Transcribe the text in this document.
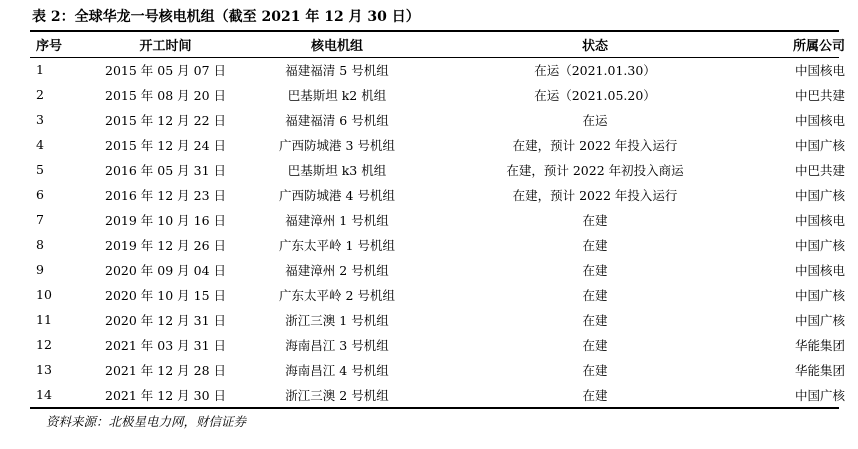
表 2：全球华龙一号核电机组（截至 2021 年 12 月 30 日）
序号	开工时间	核电机组	状态	所属公司
1	2015 年 05 月 07 日	福建福清 5 号机组	在运（2021.01.30）	中国核电
2	2015 年 08 月 20 日	巴基斯坦 k2 机组	在运（2021.05.20）	中巴共建
3	2015 年 12 月 22 日	福建福清 6 号机组	在运	中国核电
4	2015 年 12 月 24 日	广西防城港 3 号机组	在建，预计 2022 年投入运行	中国广核
5	2016 年 05 月 31 日	巴基斯坦 k3 机组	在建，预计 2022 年初投入商运	中巴共建
6	2016 年 12 月 23 日	广西防城港 4 号机组	在建，预计 2022 年投入运行	中国广核
7	2019 年 10 月 16 日	福建漳州 1 号机组	在建	中国核电
8	2019 年 12 月 26 日	广东太平岭 1 号机组	在建	中国广核
9	2020 年 09 月 04 日	福建漳州 2 号机组	在建	中国核电
10	2020 年 10 月 15 日	广东太平岭 2 号机组	在建	中国广核
11	2020 年 12 月 31 日	浙江三澳 1 号机组	在建	中国广核
12	2021 年 03 月 31 日	海南昌江 3 号机组	在建	华能集团
13	2021 年 12 月 28 日	海南昌江 4 号机组	在建	华能集团
14	2021 年 12 月 30 日	浙江三澳 2 号机组	在建	中国广核
资料来源：北极星电力网，财信证券
